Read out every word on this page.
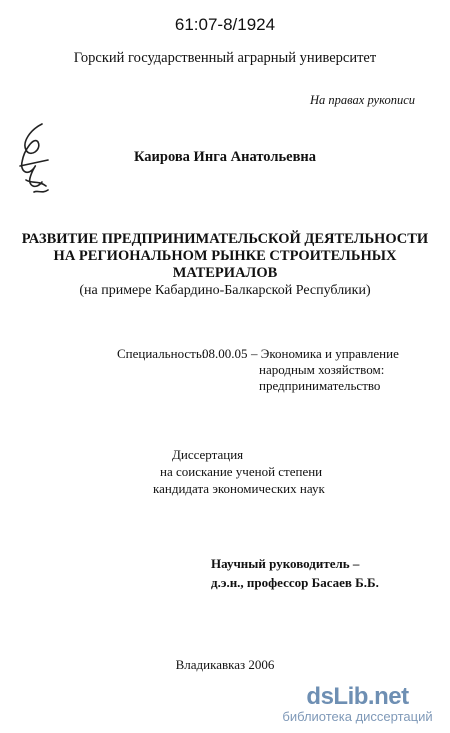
61:07-8/1924
Горский государственный аграрный университет
На правах рукописи
Каирова Инга Анатольевна
РАЗВИТИЕ ПРЕДПРИНИМАТЕЛЬСКОЙ ДЕЯТЕЛЬНОСТИ
НА РЕГИОНАЛЬНОМ РЫНКЕ СТРОИТЕЛЬНЫХ
МАТЕРИАЛОВ
(на примере Кабардино-Балкарской Республики)
Специальность:
08.00.05 – Экономика и управление
народным хозяйством:
предпринимательство
Диссертация
на соискание ученой степени
кандидата экономических наук
Научный руководитель –
д.э.н., профессор Басаев Б.Б.
Владикавказ 2006
dsLib.net
библиотека диссертаций
